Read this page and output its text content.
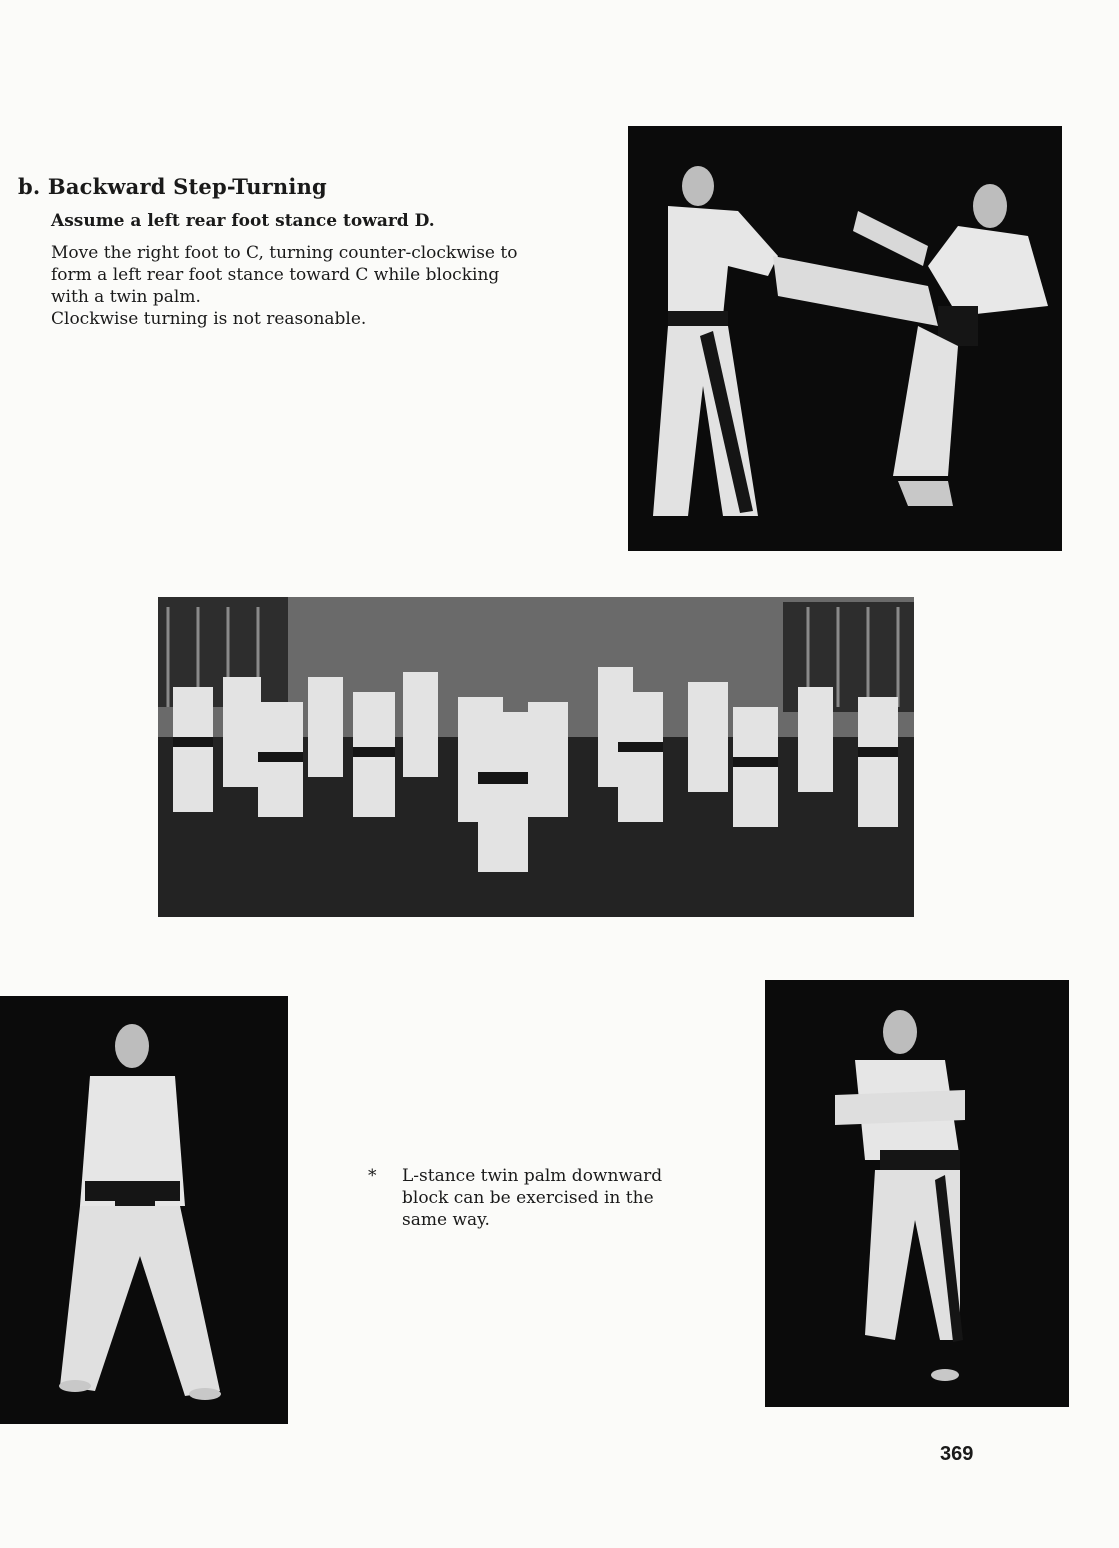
b. Backward Step-Turning
Assume a left rear foot stance toward D.

Move the right foot to C, turning counter-clockwise to
form a left rear foot stance toward C while blocking
with a twin palm.
Clockwise turning is not reasonable.

* L-stance twin palm downward
block can be exercised in the
same way.
369
